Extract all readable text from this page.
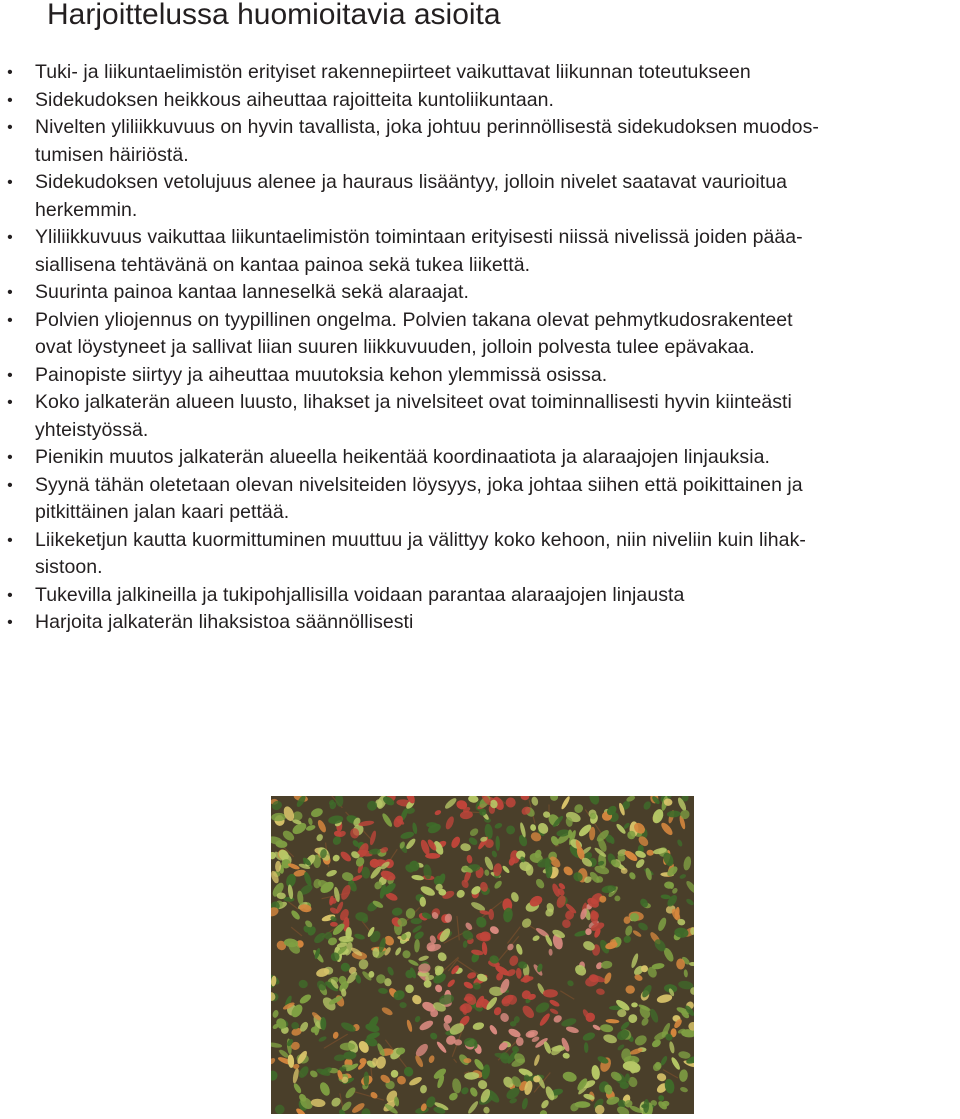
Harjoittelussa huomioitavia asioita
•	Tuki- ja liikuntaelimistön erityiset rakennepiirteet vaikuttavat liikunnan toteutukseen
•	Sidekudoksen heikkous aiheuttaa rajoitteita kuntoliikuntaan.
•	Nivelten yliliikkuvuus on hyvin tavallista, joka johtuu perinnöllisestä sidekudoksen muodos-
tumisen häiriöstä.
•	Sidekudoksen vetolujuus alenee ja hauraus lisääntyy, jolloin nivelet saatavat vaurioitua
herkemmin.
•	Yliliikkuvuus vaikuttaa liikuntaelimistön toimintaan erityisesti niissä nivelissä joiden pääa-
siallisena tehtävänä on kantaa painoa sekä tukea liikettä.
•	Suurinta painoa kantaa lanneselkä sekä alaraajat.
•	Polvien yliojennus on tyypillinen ongelma. Polvien takana olevat pehmytkudosrakenteet
ovat löystyneet ja sallivat liian suuren liikkuvuuden, jolloin polvesta tulee epävakaa.
•	Painopiste siirtyy ja aiheuttaa muutoksia kehon ylemmissä osissa.
•	Koko jalkaterän alueen luusto, lihakset ja nivelsiteet ovat toiminnallisesti hyvin kiinteästi
yhteistyössä.
•	Pienikin muutos jalkaterän alueella heikentää koordinaatiota ja alaraajojen linjauksia.
•	Syynä tähän oletetaan olevan nivelsiteiden löysyys, joka johtaa siihen että poikittainen ja
pitkittäinen jalan kaari pettää.
•	Liikeketjun kautta kuormittuminen muuttuu ja välittyy koko kehoon, niin niveliin kuin lihak-
sistoon.
•	Tukevilla jalkineilla ja tukipohjallisilla voidaan parantaa alaraajojen linjausta
•	Harjoita jalkaterän lihaksistoa säännöllisesti
